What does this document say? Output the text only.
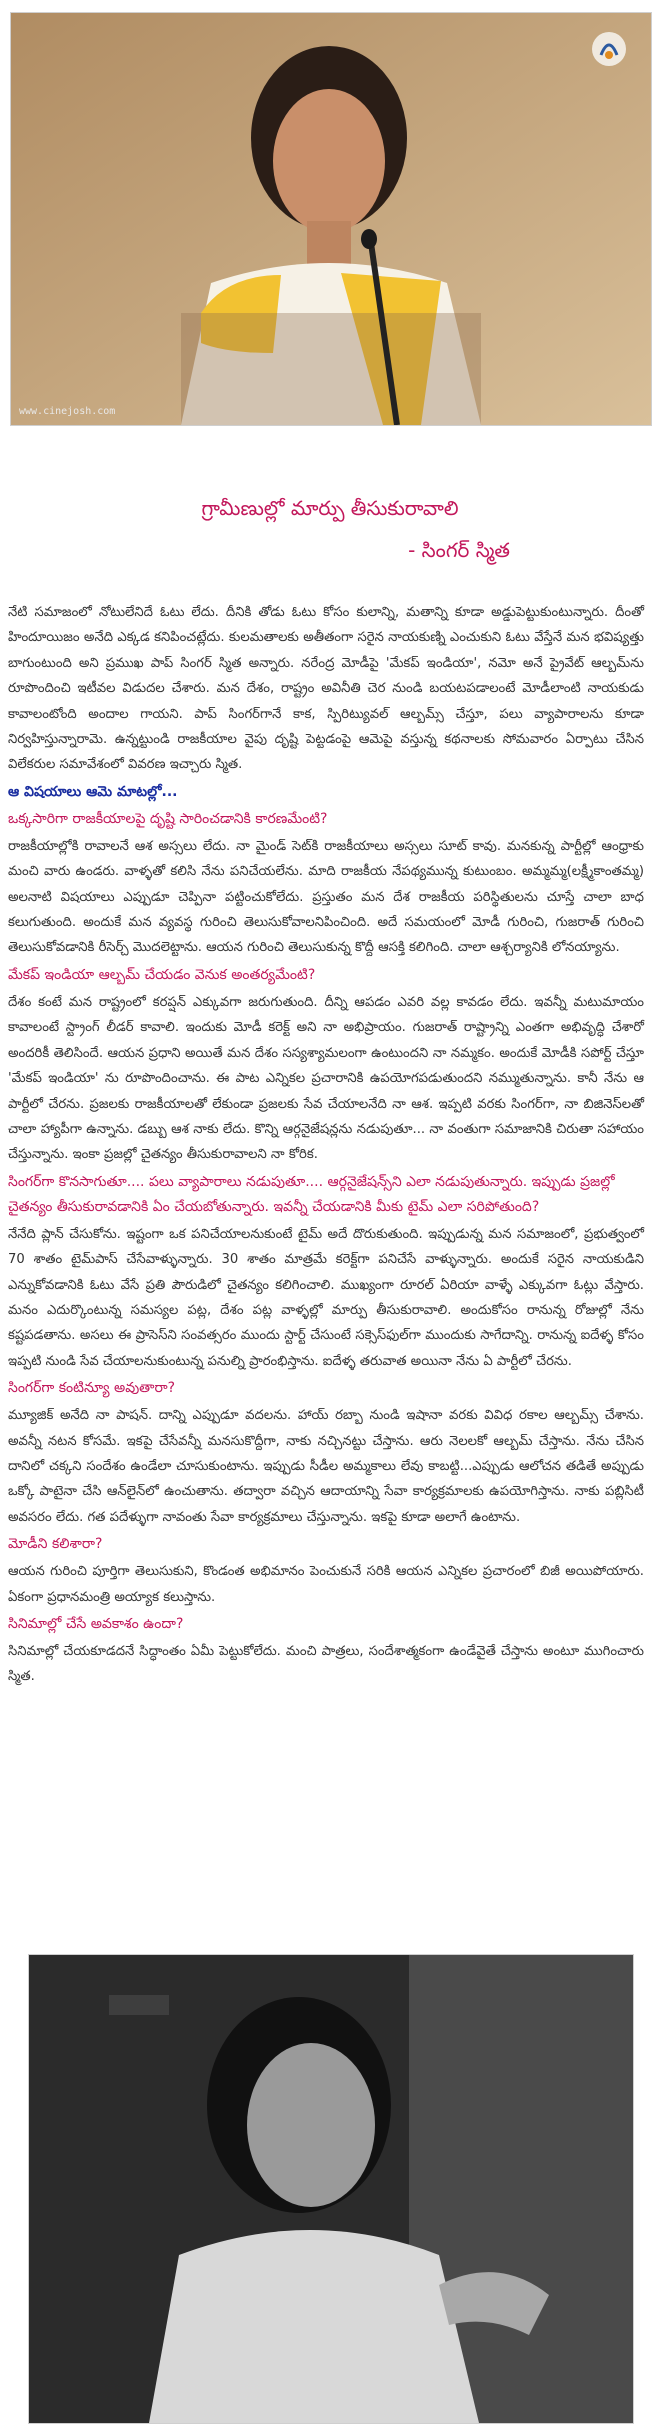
www.cinejosh.com
గ్రామీణుల్లో మార్పు తీసుకురావాలి
- సింగర్ స్మిత

నేటి సమాజంలో నోటులేనిదే ఓటు లేదు. దీనికి తోడు ఓటు కోసం కులాన్ని, మతాన్ని కూడా అడ్డుపెట్టుకుంటున్నారు. దీంతో హిందూయిజం అనేది ఎక్కడ కనిపించట్లేదు. కులమతాలకు అతీతంగా సరైన నాయకుణ్ని ఎంచుకుని ఓటు వేస్తేనే మన భవిష్యత్తు బాగుంటుంది అని ప్రముఖ పాప్ సింగర్ స్మిత అన్నారు. నరేంద్ర మోడీపై 'మేకప్ ఇండియా', నమో అనే ప్రైవేట్ ఆల్బమ్‌ను రూపొందించి ఇటీవల విడుదల చేశారు. మన దేశం, రాష్ట్రం అవినీతి చెర నుండి బయటపడాలంటే మోడీలాంటి నాయకుడు కావాలంటోంది అందాల గాయని. పాప్ సింగర్‌గానే కాక, స్పిరిట్యువల్ ఆల్బమ్స్ చేస్తూ, పలు వ్యాపారాలను కూడా నిర్వహిస్తున్నారామె. ఉన్నట్టుండి రాజకీయాల వైపు దృష్టి పెట్టడంపై ఆమెపై వస్తున్న కథనాలకు సోమవారం ఏర్పాటు చేసిన విలేకరుల సమావేశంలో వివరణ ఇచ్చారు స్మిత.

ఆ విషయాలు ఆమె మాటల్లో...
ఒక్కసారిగా రాజకీయాలపై దృష్టి సారించడానికి కారణమేంటి?

రాజకీయాల్లోకి రావాలనే ఆశ అస్సలు లేదు. నా మైండ్ సెట్‌కి రాజకీయాలు అస్సలు సూట్ కావు. మనకున్న పార్టీల్లో ఆంధ్రాకు మంచి వారు ఉండరు. వాళ్ళతో కలిసి నేను పనిచేయలేను. మాది రాజకీయ నేపథ్యమున్న కుటుంబం. అమ్మమ్మ(లక్ష్మీకాంతమ్మ) అలనాటి విషయాలు ఎప్పుడూ చెప్పినా పట్టించుకోలేదు. ప్రస్తుతం మన దేశ రాజకీయ పరిస్థితులను చూస్తే చాలా బాధ కలుగుతుంది. అందుకే మన వ్యవస్థ గురించి తెలుసుకోవాలనిపించింది. అదే సమయంలో మోడీ గురించి, గుజరాత్ గురించి తెలుసుకోవడానికి రీసెర్చ్ మొదలెట్టాను. ఆయన గురించి తెలుసుకున్న కొద్దీ ఆసక్తి కలిగింది. చాలా ఆశ్చర్యానికి లోనయ్యాను.

మేకప్ ఇండియా ఆల్బమ్ చేయడం వెనుక అంతర్యమేంటి?

దేశం కంటే మన రాష్ట్రంలో కరప్షన్ ఎక్కువగా జరుగుతుంది. దీన్ని ఆపడం ఎవరి వల్ల కావడం లేదు. ఇవన్నీ మటుమాయం కావాలంటే స్ట్రాంగ్ లీడర్ కావాలి. ఇందుకు మోడీ కరెక్ట్ అని నా అభిప్రాయం. గుజరాత్ రాష్ట్రాన్ని ఎంతగా అభివృద్ధి చేశారో అందరికీ తెలిసిందే. ఆయన ప్రధాని అయితే మన దేశం సస్యశ్యామలంగా ఉంటుందని నా నమ్మకం. అందుకే మోడీకి సపోర్ట్ చేస్తూ 'మేకప్ ఇండియా' ను రూపొందించాను. ఈ పాట ఎన్నికల ప్రచారానికి ఉపయోగపడుతుందని నమ్ముతున్నాను. కానీ నేను ఆ పార్టీలో చేరను. ప్రజలకు రాజకీయాలతో లేకుండా ప్రజలకు సేవ చేయాలనేది నా ఆశ. ఇప్పటి వరకు సింగర్‌గా, నా బిజినెస్‌లతో చాలా హ్యాపీగా ఉన్నాను. డబ్బు ఆశ నాకు లేదు. కొన్ని ఆర్గనైజేషన్లను నడుపుతూ... నా వంతుగా సమాజానికి చిరుతా సహాయం చేస్తున్నాను. ఇంకా ప్రజల్లో చైతన్యం తీసుకురావాలని నా కోరిక.

సింగర్‌గా కొనసాగుతూ.... పలు వ్యాపారాలు నడుపుతూ.... ఆర్గనైజేషన్స్‌ని ఎలా నడుపుతున్నారు. ఇప్పుడు ప్రజల్లో చైతన్యం తీసుకురావడానికి ఏం చేయబోతున్నారు. ఇవన్నీ చేయడానికి మీకు టైమ్ ఎలా సరిపోతుంది?

నేనేది ప్లాన్ చేసుకోను. ఇష్టంగా ఒక పనిచేయాలనుకుంటే టైమ్ అదే దొరుకుతుంది. ఇప్పుడున్న మన సమాజంలో, ప్రభుత్వంలో 70 శాతం టైమ్‌పాస్ చేసేవాళ్ళున్నారు. 30 శాతం మాత్రమే కరెక్ట్‌గా పనిచేసే వాళ్ళున్నారు. అందుకే సరైన నాయకుడిని ఎన్నుకోవడానికి ఓటు వేసే ప్రతి పౌరుడిలో చైతన్యం కలిగించాలి. ముఖ్యంగా రూరల్ ఏరియా వాళ్ళే ఎక్కువగా ఓట్లు వేస్తారు. మనం ఎదుర్కొంటున్న సమస్యల పట్ల, దేశం పట్ల వాళ్ళల్లో మార్పు తీసుకురావాలి. అందుకోసం రానున్న రోజుల్లో నేను కష్టపడతాను. అసలు ఈ ప్రాసెస్‌ని సంవత్సరం ముందు స్టార్ట్ చేసుంటే సక్సెస్‌ఫుల్‌గా ముందుకు సాగేదాన్ని. రానున్న ఐదేళ్ళ కోసం ఇప్పటి నుండి సేవ చేయాలనుకుంటున్న పనుల్ని ప్రారంభిస్తాను. ఐదేళ్ళ తరువాత అయినా నేను ఏ పార్టీలో చేరను.

సింగర్‌గా కంటిన్యూ అవుతారా?

మ్యూజిక్ అనేది నా పాషన్. దాన్ని ఎప్పుడూ వదలను. హాయ్ రబ్బా నుండి ఇషానా వరకు వివిధ రకాల ఆల్బమ్స్ చేశాను. అవన్నీ నటన కోసమే. ఇకపై చేసేవన్నీ మనసుకొద్దీగా, నాకు నచ్చినట్టు చేస్తాను. ఆరు నెలలకో ఆల్బమ్ చేస్తాను. నేను చేసిన దానిలో చక్కని సందేశం ఉండేలా చూసుకుంటాను. ఇప్పుడు సీడీల అమ్మకాలు లేవు కాబట్టి...ఎప్పుడు ఆలోచన తడితే అప్పుడు ఒక్కో పాటైనా చేసి ఆన్‌లైన్‌లో ఉంచుతాను. తద్వారా వచ్చిన ఆదాయాన్ని సేవా కార్యక్రమాలకు ఉపయోగిస్తాను. నాకు పబ్లిసిటీ అవసరం లేదు. గత పదేళ్ళుగా నావంతు సేవా కార్యక్రమాలు చేస్తున్నాను. ఇకపై కూడా అలాగే ఉంటాను.

మోడీని కలిశారా?

ఆయన గురించి పూర్తిగా తెలుసుకుని, కొండంత అభిమానం పెంచుకునే సరికి ఆయన ఎన్నికల ప్రచారంలో బిజీ అయిపోయారు. ఏకంగా ప్రధానమంత్రి అయ్యాక కలుస్తాను.

సినిమాల్లో చేసే అవకాశం ఉందా?

సినిమాల్లో చేయకూడదనే సిద్ధాంతం ఏమీ పెట్టుకోలేదు. మంచి పాత్రలు, సందేశాత్మకంగా ఉండేవైతే చేస్తాను అంటూ ముగించారు స్మిత.
